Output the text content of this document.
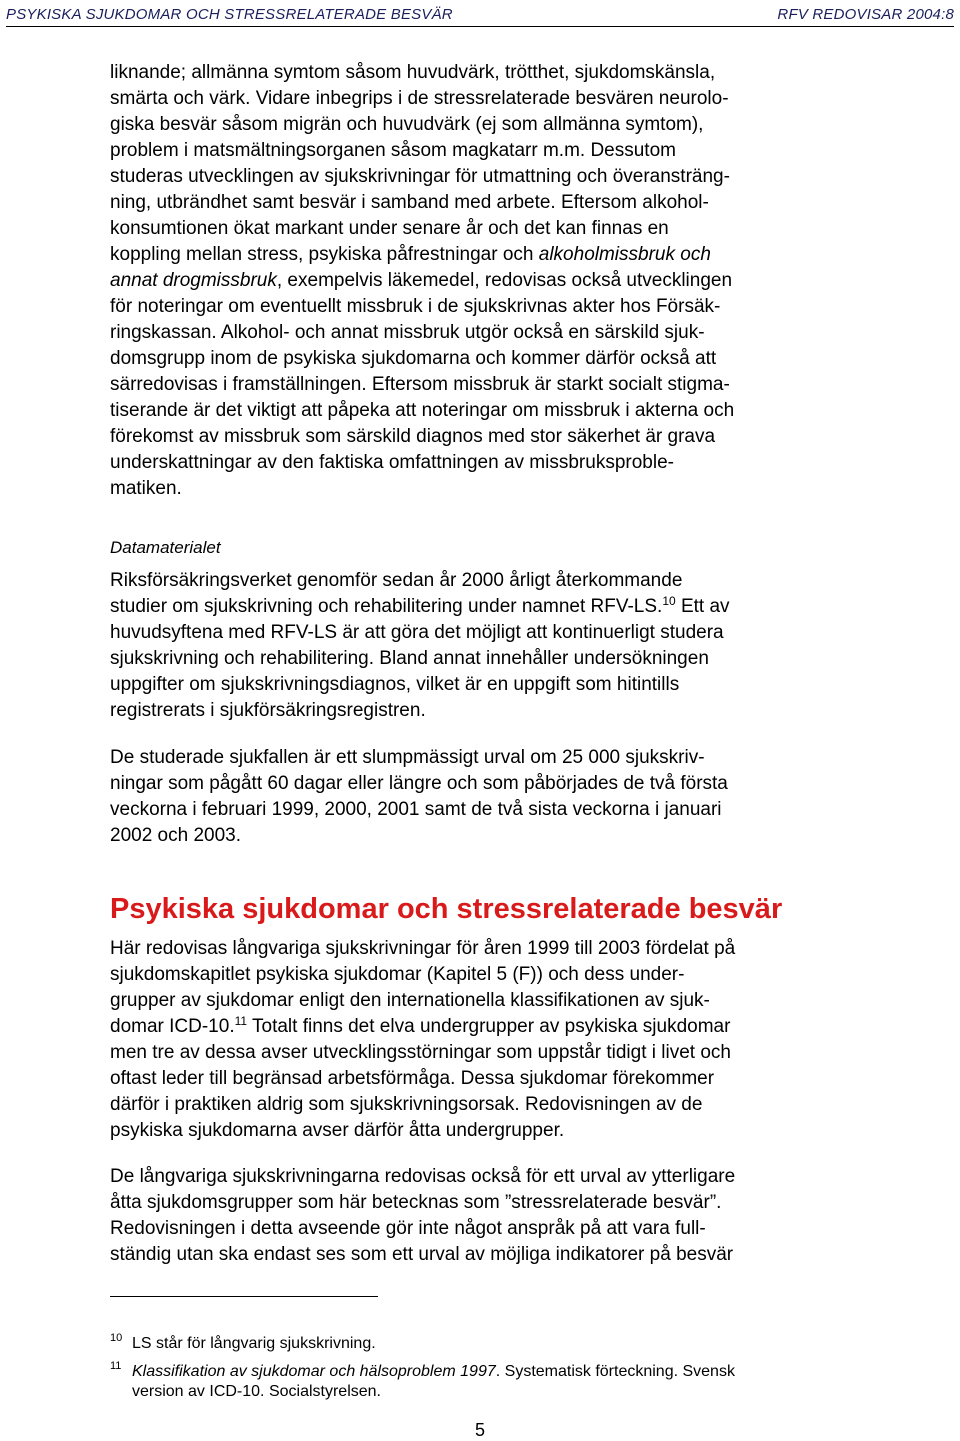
PSYKISKA SJUKDOMAR OCH STRESSRELATERADE BESVÄR	RFV REDOVISAR 2004:8
liknande; allmänna symtom såsom huvudvärk, trötthet, sjukdomskänsla,
smärta och värk. Vidare inbegrips i de stressrelaterade besvären neurolo-
giska besvär såsom migrän och huvudvärk (ej som allmänna symtom),
problem i matsmältningsorganen såsom magkatarr m.m. Dessutom
studeras utvecklingen av sjukskrivningar för utmattning och överansträng-
ning, utbrändhet samt besvär i samband med arbete. Eftersom alkohol-
konsumtionen ökat markant under senare år och det kan finnas en
koppling mellan stress, psykiska påfrestningar och alkoholmissbruk och
annat drogmissbruk, exempelvis läkemedel, redovisas också utvecklingen
för noteringar om eventuellt missbruk i de sjukskrivnas akter hos Försäk-
ringskassan. Alkohol- och annat missbruk utgör också en särskild sjuk-
domsgrupp inom de psykiska sjukdomarna och kommer därför också att
särredovisas i framställningen. Eftersom missbruk är starkt socialt stigma-
tiserande är det viktigt att påpeka att noteringar om missbruk i akterna och
förekomst av missbruk som särskild diagnos med stor säkerhet är grava
underskattningar av den faktiska omfattningen av missbruksproble-
matiken.

Datamaterialet

Riksförsäkringsverket genomför sedan år 2000 årligt återkommande
studier om sjukskrivning och rehabilitering under namnet RFV-LS.$^{10}$ Ett av
huvudsyftena med RFV-LS är att göra det möjligt att kontinuerligt studera
sjukskrivning och rehabilitering. Bland annat innehåller undersökningen
uppgifter om sjukskrivningsdiagnos, vilket är en uppgift som hitintills
registrerats i sjukförsäkringsregistren.
De studerade sjukfallen är ett slumpmässigt urval om 25 000 sjukskriv-
ningar som pågått 60 dagar eller längre och som påbörjades de två första
veckorna i februari 1999, 2000, 2001 samt de två sista veckorna i januari
2002 och 2003.
Psykiska sjukdomar och stressrelaterade besvär
Här redovisas långvariga sjukskrivningar för åren 1999 till 2003 fördelat på
sjukdomskapitlet psykiska sjukdomar (Kapitel 5 (F)) och dess under-
grupper av sjukdomar enligt den internationella klassifikationen av sjuk-
domar ICD-10.11 Totalt finns det elva undergrupper av psykiska sjukdomar
men tre av dessa avser utvecklingsstörningar som uppstår tidigt i livet och
oftast leder till begränsad arbetsförmåga. Dessa sjukdomar förekommer
därför i praktiken aldrig som sjukskrivningsorsak. Redovisningen av de
psykiska sjukdomarna avser därför åtta undergrupper.
De långvariga sjukskrivningarna redovisas också för ett urval av ytterligare
åtta sjukdomsgrupper som här betecknas som ”stressrelaterade besvär”.
Redovisningen i detta avseende gör inte något anspråk på att vara full-
ständig utan ska endast ses som ett urval av möjliga indikatorer på besvär
10 LS står för långvarig sjukskrivning.
11 Klassifikation av sjukdomar och hälsoproblem 1997. Systematisk förteckning. Svensk
version av ICD-10. Socialstyrelsen.
5
